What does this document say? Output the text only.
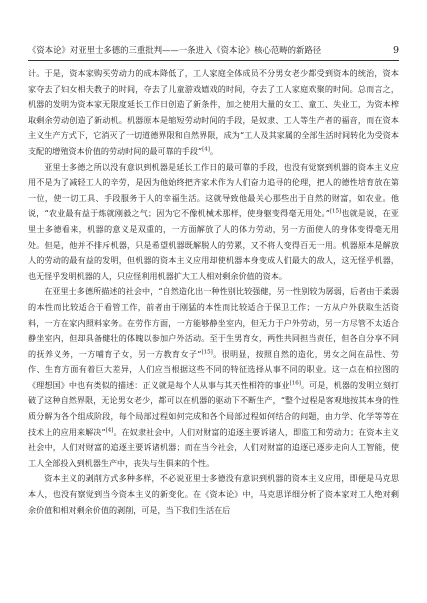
《资本论》对亚里士多德的三重批判——一条进入《资本论》核心范畴的新路径	9

计。于是，资本家购买劳动力的成本降低了，工人家庭全体成员不分男女老少都受到资本的统治，资本家夺去了妇女相夫教子的时间，夺去了儿童游戏嬉戏的时间，夺去了工人家庭欢聚的时间。总而言之，机器的发明为资本家无限度延长工作日创造了新条件，加之使用大量的女工、童工、失业工，为资本榨取剩余劳动创造了新动机。机器原本是缩短劳动时间的手段，是奴隶、工人等生产者的福音，而在资本主义生产方式下，它消灭了一切道德界限和自然界限，成为“工人及其家属的全部生活时间转化为受资本支配的增殖资本价值的劳动时间的最可靠的手段”[4]。

亚里士多德之所以没有意识到机器是延长工作日的最可靠的手段，也没有觉察到机器的资本主义应用不是为了减轻工人的辛劳，是因为他始终把齐家术作为人们奋力追寻的伦理，把人的德性培育放在第一位，使一切工具、手段服务于人的幸福生活。这就导致他最关心那些出于自然的财富，如农业。他说，“农业最有益于炼就刚毅之气；因为它不像机械术那样，使身躯变得毫无用处。”[15]也就是说，在亚里士多德看来，机器的意义是双重的，一方面解放了人的体力劳动，另一方面使人的身体变得毫无用处。但是，他并不排斥机器，只是希望机器既解脱人的劳累，又不将人变得百无一用。机器原本是解放人的劳动的最有益的发明，但机器的资本主义应用却使机器本身变成人们最大的敌人，这无怪乎机器，也无怪乎发明机器的人，只应怪利用机器扩大工人相对剩余价值的资本。

在亚里士多德所描述的社会中，“自然造化出一种性别比较强健，另一性别较为孱弱，后者由于柔弱的本性而比较适合于看管工作，前者由于刚猛的本性而比较适合于保卫工作；一方从户外获取生活资料，一方在家内照料家务。在劳作方面，一方能够静坐室内，但无力于户外劳动，另一方尽管不太适合静坐室内，但却具备健壮的体魄以参加户外活动。至于生男育女，两性共同担当责任，但各自分享不同的抚养义务，一方哺育子女，另一方教育女子”[15]。很明显，按照自然的造化，男女之间在品性、劳作、生育方面有着巨大差异，人们应当根据这些不同的特征选择从事不同的职业。这一点在柏拉图的《理想国》中也有类似的描述：正义就是每个人从事与其天性相符的事业[16]。可是，机器的发明立刻打破了这种自然界限，无论男女老少，都可以在机器的驱动下不断生产，“整个过程是客观地按其本身的性质分解为各个组成阶段，每个局部过程如何完成和各个局部过程如何结合的问题，由力学、化学等等在技术上的应用来解决”[4]。在奴隶社会中，人们对财富的追逐主要诉诸人，即监工和劳动力；在资本主义社会中，人们对财富的追逐主要诉诸机器；而在当今社会，人们对财富的追逐已逐步走向人工智能，使工人全部投入到机器生产中，丧失与生俱来的个性。

资本主义的剥削方式多种多样，不必说亚里士多德没有意识到机器的资本主义应用，即便是马克思本人，也没有察觉到当今资本主义的新变化。在《资本论》中，马克思详细分析了资本家对工人绝对剩余价值和相对剩余价值的剥削，可是，当下我们生活在后
